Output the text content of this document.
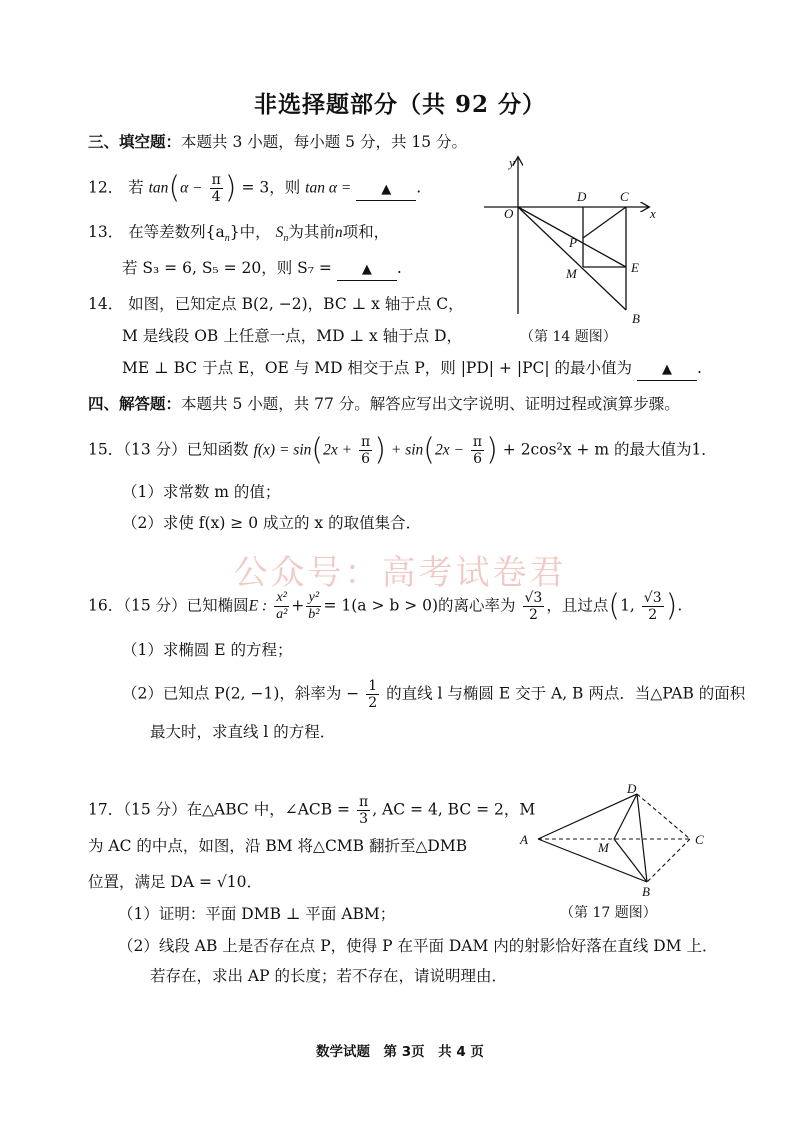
非选择题部分（共 92 分）
三、填空题：本题共 3 小题，每小题 5 分，共 15 分。
12． 若 $\tan(\alpha - \frac{\pi}{4}$ ) = 3，则 tan α = ▲ .
13． 在等差数列$\{a_n\}$中， $S_n$为其前n项和，
若 S₃ = 6, S₅ = 20，则 S₇ = ▲ .
14． 如图，已知定点 B(2, −2)，BC ⊥ x 轴于点 C，
M 是线段 OB 上任意一点，MD ⊥ x 轴于点 D，
ME ⊥ BC 于点 E，OE 与 MD 相交于点 P，则 |PD| + |PC| 的最小值为 ▲ .
y
x
O
D	C
P
M	E
B
（第 14 题图）
四、解答题：本题共 5 小题，共 77 分。解答应写出文字说明、证明过程或演算步骤。
15．（13 分）已知函数 $f(x) = \sin(2x + \frac{\pi}{6}$ ) + $\sin(2x - \frac{\pi}{6}$ ) + 2cos²x + m 的最大值为1．
（1）求常数 m 的值；
（2）求使 f(x) ≥ 0 成立的 x 的取值集合．
公众号：高考试卷君
16．（15 分）已知椭圆E : $\frac{\text{x²}}{\text{a²}} + \frac{\text{y²}}{\text{b²}} = 1(a > b > 0)$的离心率为 $\frac{√3}{2}$ ，且过点(1, $\frac{√3}{2}$ ).
（1）求椭圆 E 的方程；
（2）已知点 P(2, −1)，斜率为 − $\frac{1}{2}$ 的直线 l 与椭圆 E 交于 A, B 两点．当△PAB 的面积
最大时，求直线 l 的方程．
17．（15 分）在△ABC 中，∠ACB = $\frac{\pi}{3}$ , AC = 4, BC = 2，M
为 AC 的中点，如图，沿 BM 将△CMB 翻折至△DMB
位置，满足 DA = √10．
（1）证明：平面 DMB ⊥ 平面 ABM；
（2）线段 AB 上是否存在点 P，使得 P 在平面 DAM 内的射影恰好落在直线 DM 上．
若存在，求出 AP 的长度；若不存在，请说明理由．
A
M
C
D
B
（第 17 题图）
数学试题　第 3页　共 4 页
